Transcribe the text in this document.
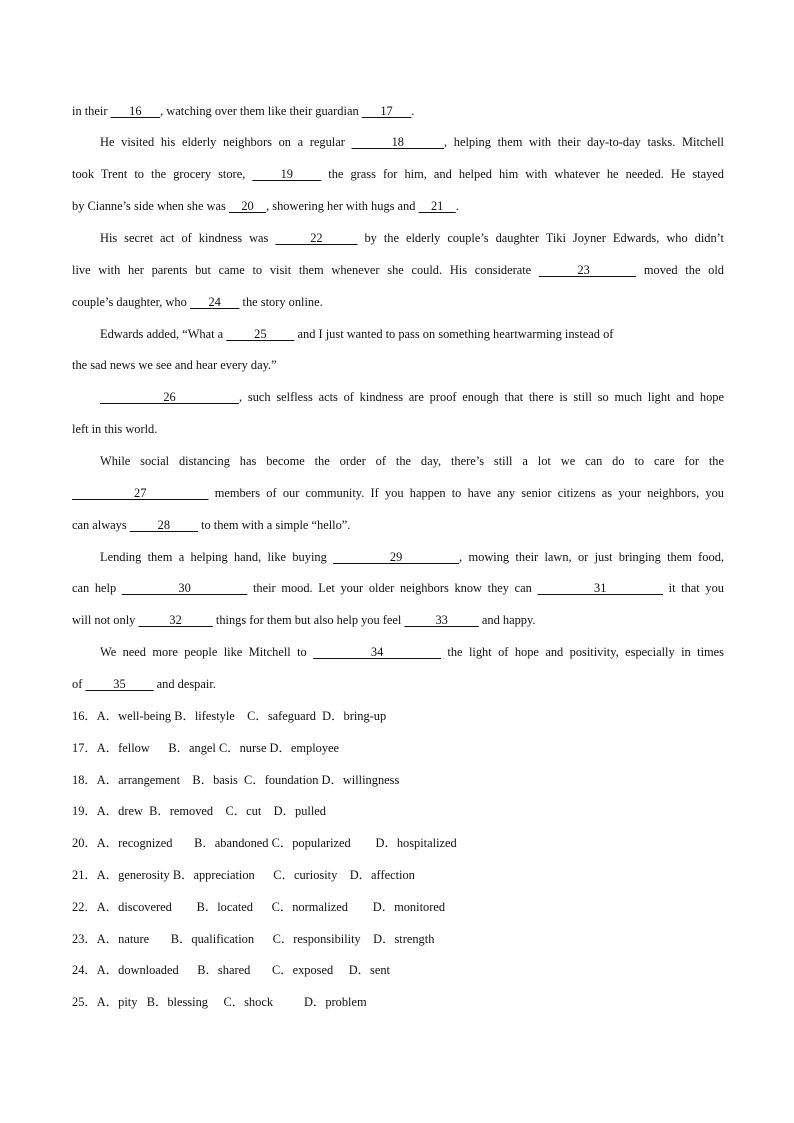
in their       16      , watching over them like their guardian       17      .
He visited his elderly neighbors on a regular       18      , helping them with their day-to-day tasks. Mitchell
took Trent to the grocery store,     19     the grass for him, and helped him with whatever he needed. He stayed
by Cianne’s side when she was     20    , showering her with hugs and     21    .
His secret act of kindness was      22      by the elderly couple’s daughter Tiki Joyner Edwards, who didn’t
live with her parents but came to visit them whenever she could. His considerate      23       moved the old
couple’s daughter, who       24       the story online.
Edwards added, “What a          25          and I just wanted to pass on something heartwarming instead of
the sad news we see and hear every day.”
26           , such selfless acts of kindness are proof enough that there is still so much light and hope
left in this world.
While social distancing has become the order of the day, there’s still a lot we can do to care for the
27           members of our community. If you happen to have any senior citizens as your neighbors, you
can always          28          to them with a simple “hello”.
Lending them a helping hand, like buying          29         , mowing their lawn, or just bringing them food,
can help           30           their mood. Let your older neighbors know they can           31           it that you
will not only           32           things for them but also help you feel           33           and happy.
We need more people like Mitchell to          34          the light of hope and positivity, especially in times
of          35          and despair.
16．A．well-being B．lifestyle    C．safeguard  D．bring-up
17．A．fellow      B．angel C．nurse D．employee
18．A．arrangement    B．basis  C．foundation D．willingness
19．A．drew  B．removed    C．cut    D．pulled
20．A．recognized       B．abandoned C．popularized        D．hospitalized
21．A．generosity B．appreciation      C．curiosity    D．affection
22．A．discovered        B．located      C．normalized        D．monitored
23．A．nature       B．qualification      C．responsibility    D．strength
24．A．downloaded      B．shared       C．exposed     D．sent
25．A．pity   B．blessing     C．shock          D．problem
